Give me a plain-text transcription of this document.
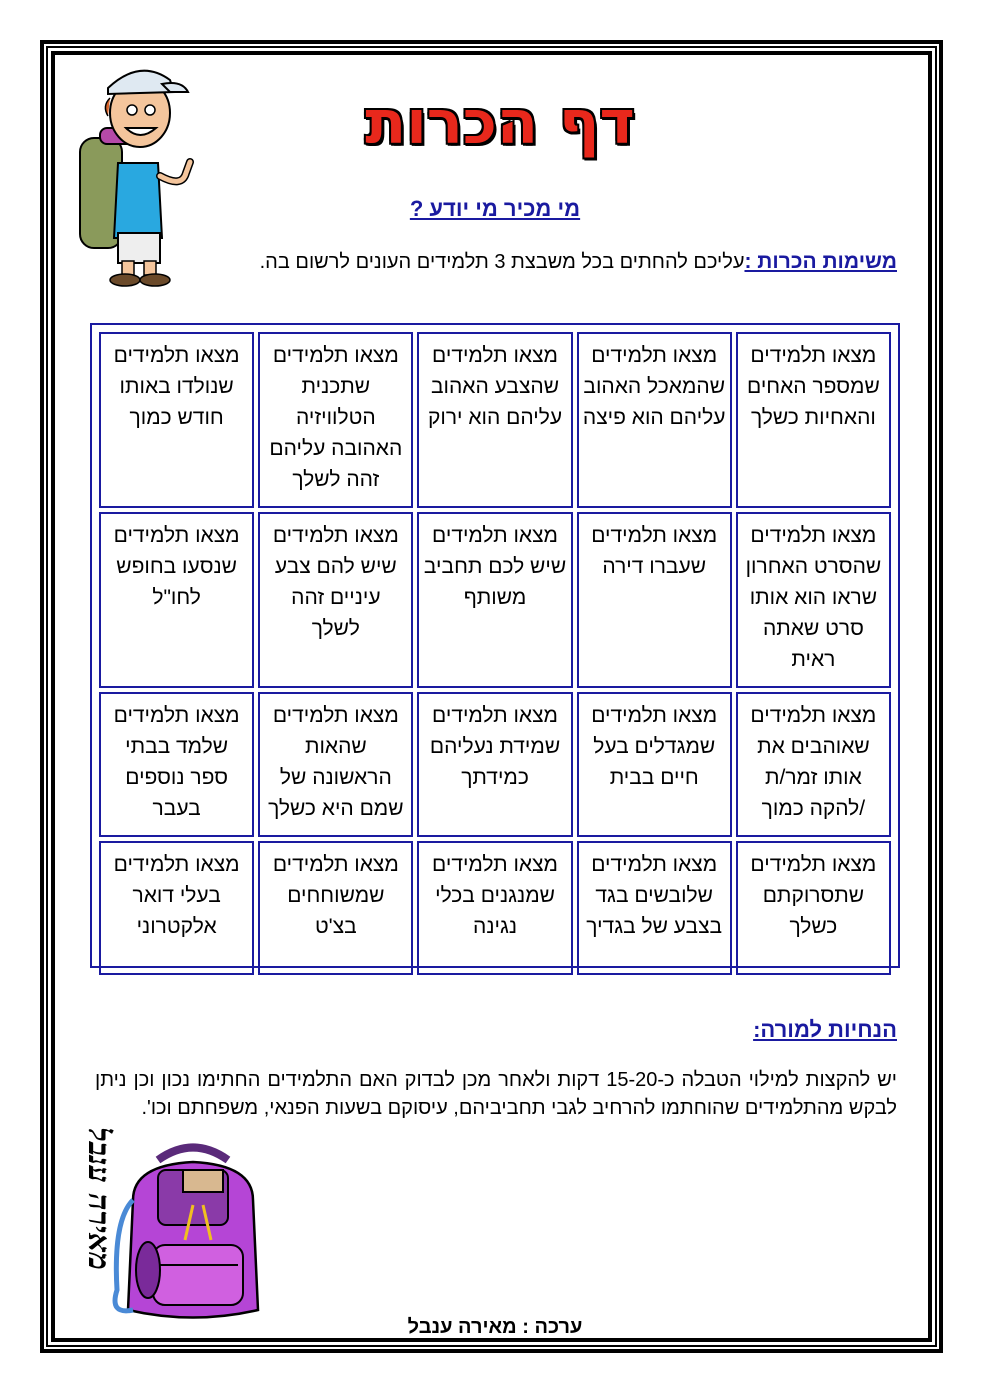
דף הכרות
מי מכיר מי יודע ?
משימות הכרות :עליכם להחתים בכל משבצת 3 תלמידים העונים לרשום בה.
מצאו תלמידים שמספר האחים והאחיות כשלך	מצאו תלמידים שהמאכל האהוב עליהם הוא פיצה	מצאו תלמידים שהצבע האהוב עליהם הוא ירוק	מצאו תלמידים שתכנית הטלוויזיה האהובה עליהם זהה לשלך	מצאו תלמידים שנולדו באותו חודש כמוך
מצאו תלמידים שהסרט האחרון שראו הוא אותו סרט שאתה ראית	מצאו תלמידים שעברו דירה	מצאו תלמידים שיש לכם תחביב משותף	מצאו תלמידים שיש להם צבע עיניים זהה לשלך	מצאו תלמידים שנסעו בחופש לחו"ל
מצאו תלמידים שאוהבים את אותו זמר/ת /להקה כמוך	מצאו תלמידים שמגדלים בעל חיים בבית	מצאו תלמידים שמידת נעליהם כמידתך	מצאו תלמידים שהאות הראשונה של שמם היא כשלך	מצאו תלמידים שלמד בבתי ספר נוספים בעבר
מצאו תלמידים שתסרוקתם כשלך	מצאו תלמידים שלובשים בגד בצבע של בגדיך	מצאו תלמידים שמנגנים בכלי נגינה	מצאו תלמידים שמשוחחים בצ'ט	מצאו תלמידים בעלי דואר אלקטרוני
הנחיות למורה:
יש להקצות למילוי הטבלה כ-15-20 דקות ולאחר מכן לבדוק האם התלמידים החתימו נכון וכן ניתן לבקש מהתלמידים שהוחתמו להרחיב לגבי תחביביהם, עיסוקם בשעות הפנאי, משפחתם וכו'.
מאירה ענבל
ערכה : מאירה ענבל
